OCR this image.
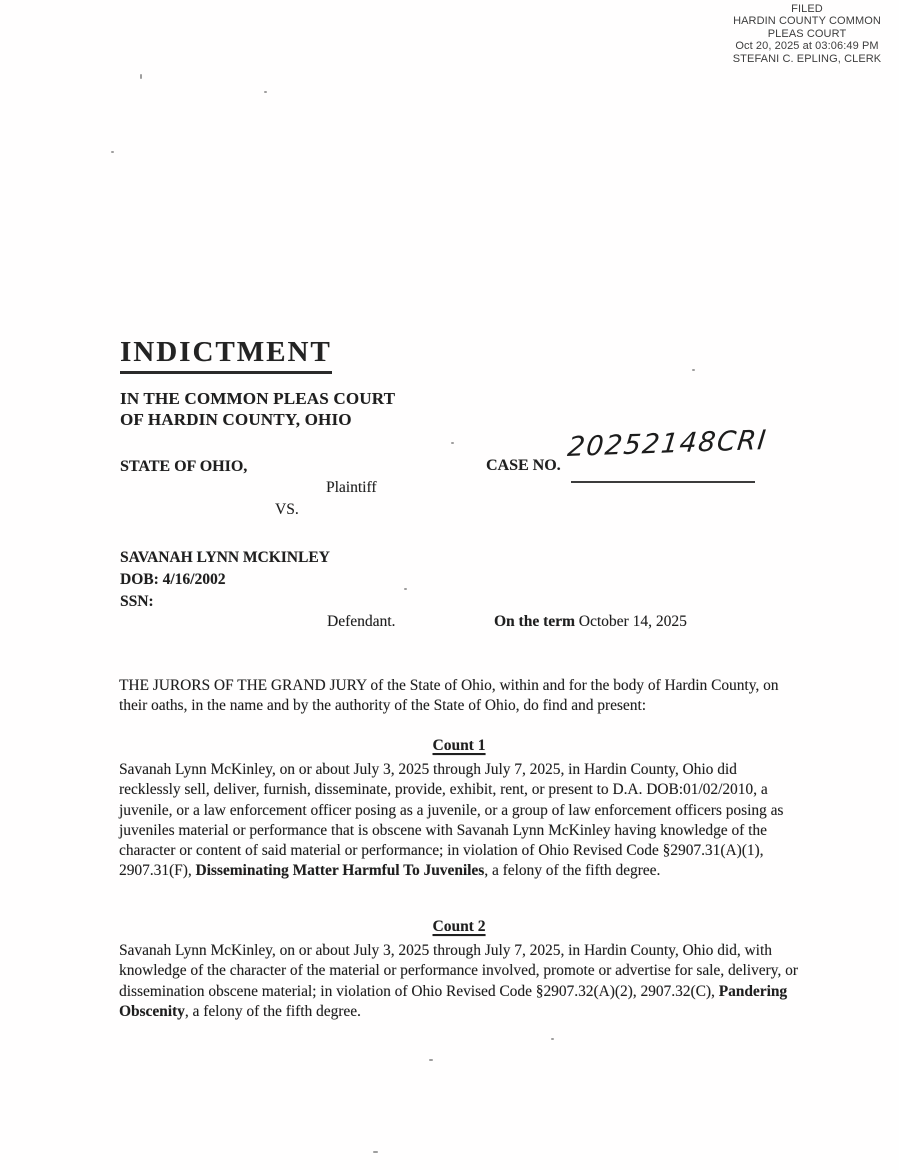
FILED
HARDIN COUNTY COMMON
PLEAS COURT
Oct 20, 2025 at 03:06:49 PM
STEFANI C. EPLING, CLERK
INDICTMENT
IN THE COMMON PLEAS COURT
OF HARDIN COUNTY, OHIO
STATE OF OHIO,	CASE NO.
20252148CRI
Plaintiff
VS.
SAVANAH LYNN MCKINLEY
DOB: 4/16/2002
SSN:
Defendant.	On the term October 14, 2025
THE JURORS OF THE GRAND JURY of the State of Ohio, within and for the body of Hardin County, on their oaths, in the name and by the authority of the State of Ohio, do find and present:
Count 1
Savanah Lynn McKinley, on or about July 3, 2025 through July 7, 2025, in Hardin County, Ohio did recklessly sell, deliver, furnish, disseminate, provide, exhibit, rent, or present to D.A. DOB:01/02/2010, a juvenile, or a law enforcement officer posing as a juvenile, or a group of law enforcement officers posing as juveniles material or performance that is obscene with Savanah Lynn McKinley having knowledge of the character or content of said material or performance; in violation of Ohio Revised Code §2907.31(A)(1), 2907.31(F), Disseminating Matter Harmful To Juveniles, a felony of the fifth degree.
Count 2
Savanah Lynn McKinley, on or about July 3, 2025 through July 7, 2025, in Hardin County, Ohio did, with knowledge of the character of the material or performance involved, promote or advertise for sale, delivery, or dissemination obscene material; in violation of Ohio Revised Code §2907.32(A)(2), 2907.32(C), Pandering Obscenity, a felony of the fifth degree.
